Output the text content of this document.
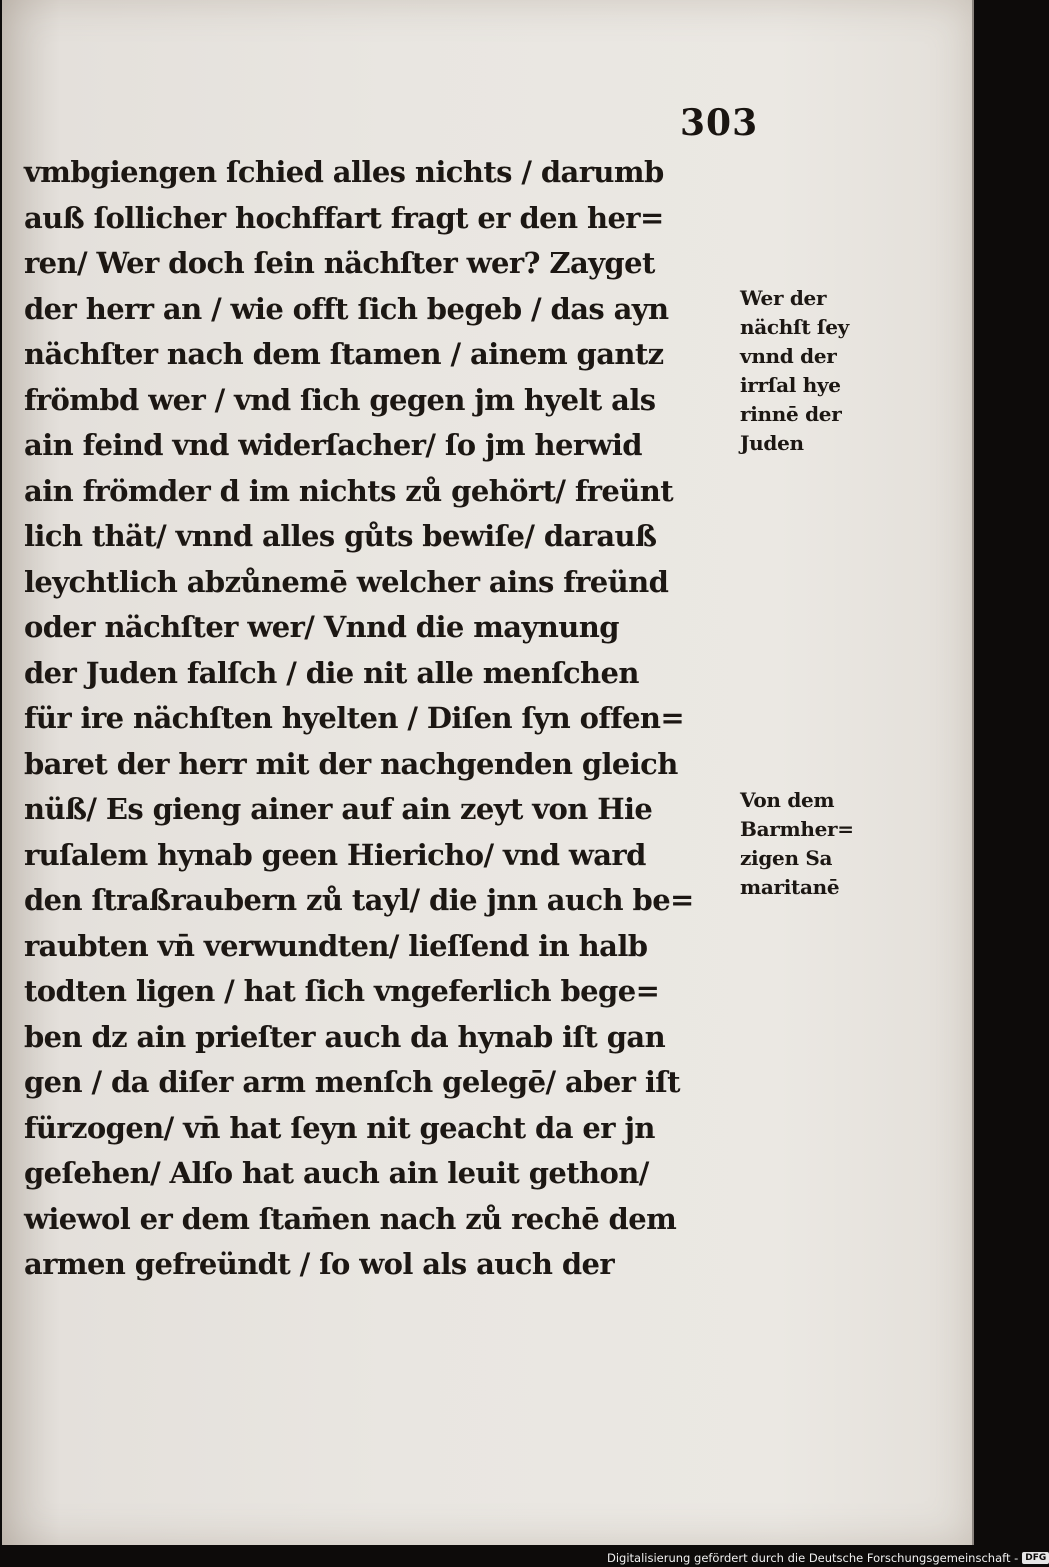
303
vmbgiengen ſchied alles nichts / darumb
auß ſollicher hochffart fragt er den her=
ren/ Wer doch ſein nächſter wer? Zayget
der herr an / wie offt ſich begeb / das ayn
nächſter nach dem ſtamen / ainem gantz
frömbd wer / vnd ſich gegen jm hyelt als
ain feind vnd widerſacher/ ſo jm herwid
ain frömder d im nichts zů gehört/ freünt
lich thät/ vnnd alles gůts bewiſe/ darauß
leychtlich abzůnemē welcher ains freünd
oder nächſter wer/ Vnnd die maynung
der Juden falſch / die nit alle menſchen
für ire nächſten hyelten / Diſen ſyn offen=
baret der herr mit der nachgenden gleich
nüß/ Es gieng ainer auf ain zeyt von Hie
ruſalem hynab geen Hiericho/ vnd ward
den ſtraßraubern zů tayl/ die jnn auch be=
raubten vn̄ verwundten/ lieſſend in halb
todten ligen / hat ſich vngeferlich bege=
ben dz ain prieſter auch da hynab iſt gan
gen / da diſer arm menſch gelegē/ aber iſt
fürzogen/ vn̄ hat ſeyn nit geacht da er jn
geſehen/ Alſo hat auch ain leuit gethon/
wiewol er dem ſtam̄en nach zů rechē dem
armen gefreündt / ſo wol als auch der
Wer der
nächſt ſey
vnnd der
irrſal hye
rinnē der
Juden
Von dem
Barmher=
zigen Sa
maritanē
Digitalisierung gefördert durch die Deutsche Forschungsgemeinschaft - DFG
